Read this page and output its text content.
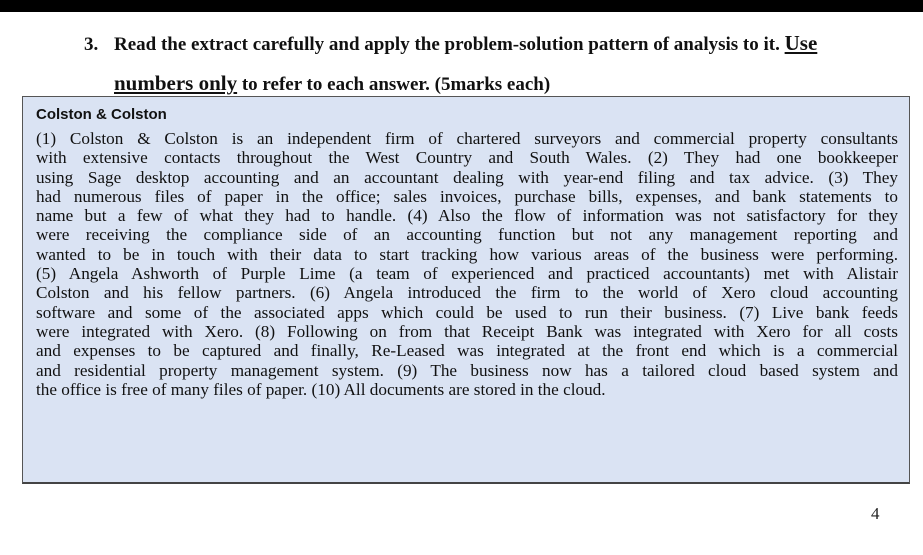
3. Read the extract carefully and apply the problem-solution pattern of analysis to it. Use
numbers only to refer to each answer. (5marks each)
Colston & Colston
(1) Colston & Colston is an independent firm of chartered surveyors and commercial property consultants
with extensive contacts throughout the West Country and South Wales. (2) They had one bookkeeper
using Sage desktop accounting and an accountant dealing with year-end filing and tax advice. (3) They
had numerous files of paper in the office; sales invoices, purchase bills, expenses, and bank statements to
name but a few of what they had to handle. (4) Also the flow of information was not satisfactory for they
were receiving the compliance side of an accounting function but not any management reporting and
wanted to be in touch with their data to start tracking how various areas of the business were performing.
(5) Angela Ashworth of Purple Lime (a team of experienced and practiced accountants) met with Alistair
Colston and his fellow partners. (6) Angela introduced the firm to the world of Xero cloud accounting
software and some of the associated apps which could be used to run their business. (7) Live bank feeds
were integrated with Xero. (8) Following on from that Receipt Bank was integrated with Xero for all costs
and expenses to be captured and finally, Re-Leased was integrated at the front end which is a commercial
and residential property management system. (9) The business now has a tailored cloud based system and
the office is free of many files of paper. (10) All documents are stored in the cloud.
4
